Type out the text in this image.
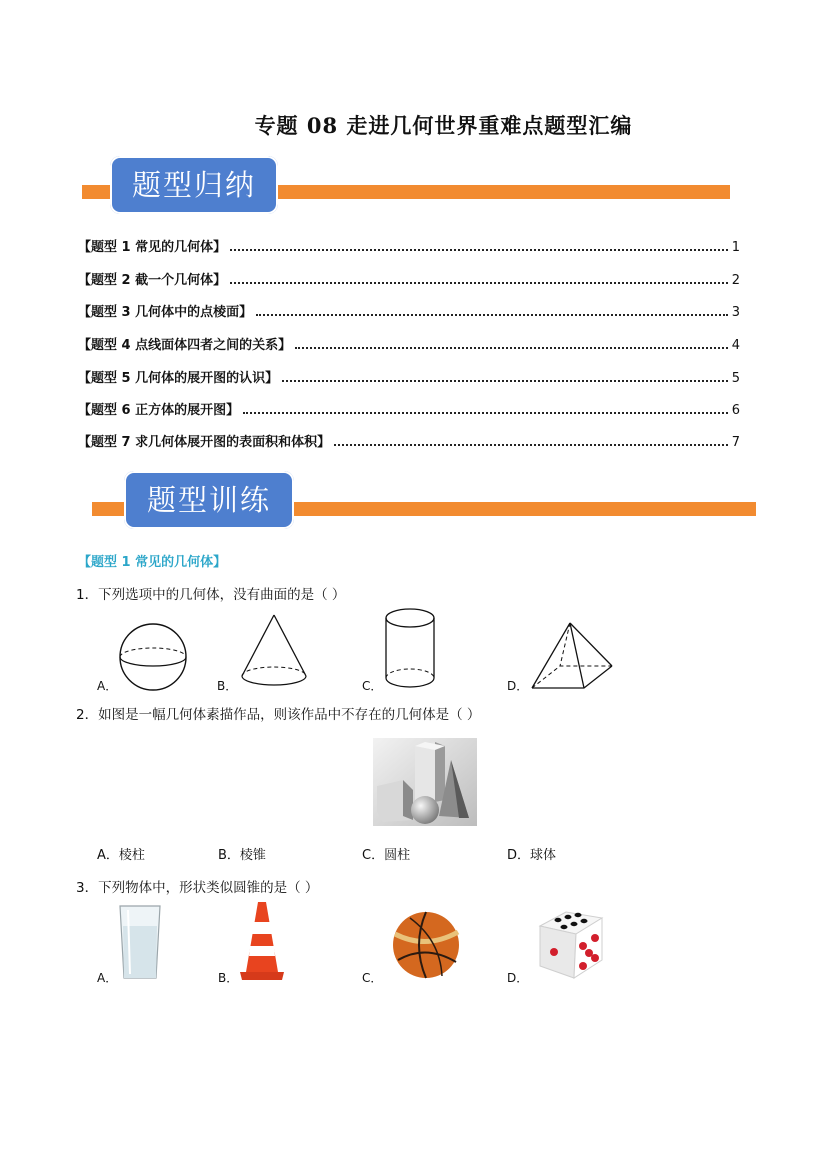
专题 08 走进几何世界重难点题型汇编
题型归纳
【题型 1 常见的几何体】	1
【题型 2 截一个几何体】	2
【题型 3 几何体中的点棱面】	3
【题型 4 点线面体四者之间的关系】	4
【题型 5 几何体的展开图的认识】	5
【题型 6 正方体的展开图】	6
【题型 7 求几何体展开图的表面积和体积】	7
题型训练
【题型 1 常见的几何体】
1．下列选项中的几何体，没有曲面的是（ ）
A．	B．	C．	D．
2．如图是一幅几何体素描作品，则该作品中不存在的几何体是（ ）
A．棱柱	B．棱锥	C．圆柱	D．球体
3．下列物体中，形状类似圆锥的是（ ）
A．	B．	C．	D．
